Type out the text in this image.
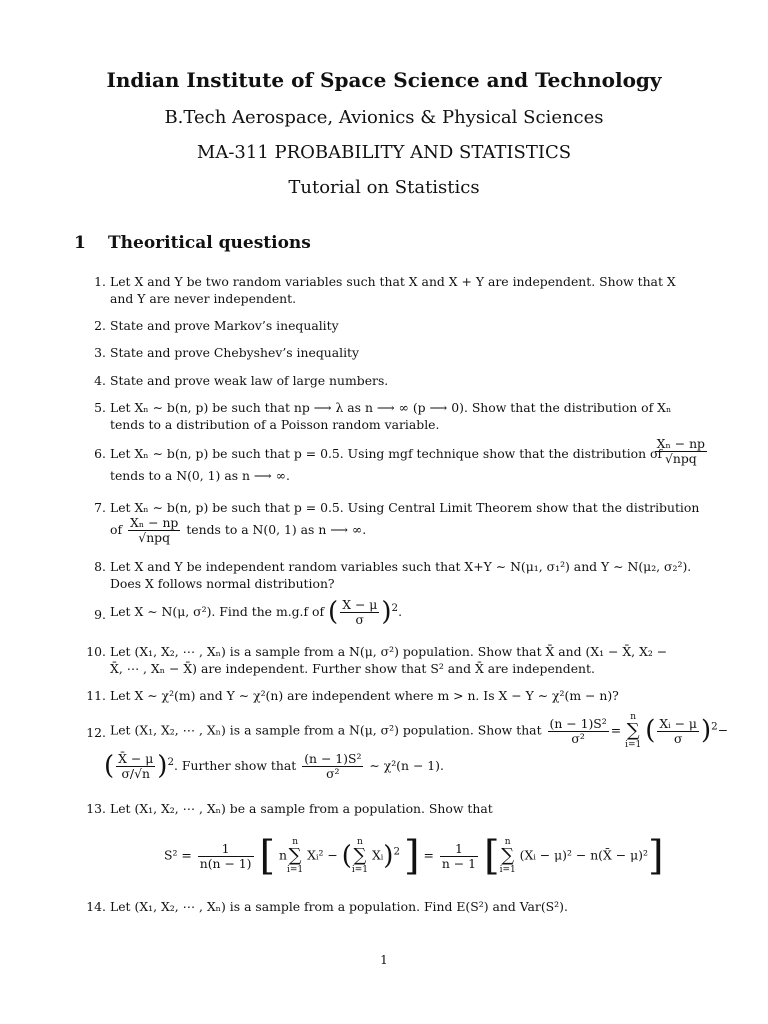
Indian Institute of Space Science and Technology
B.Tech Aerospace, Avionics & Physical Sciences
MA-311 PROBABILITY AND STATISTICS
Tutorial on Statistics
1 Theoritical questions
1. Let X and Y be two random variables such that X and X + Y are independent. Show that X
and Y are never independent.
2. State and prove Markov’s inequality
3. State and prove Chebyshev’s inequality
4. State and prove weak law of large numbers.
5. Let Xₙ ∼ b(n, p) be such that np ⟶ λ as n ⟶ ∞ (p ⟶ 0). Show that the distribution of Xₙ
tends to a distribution of a Poisson random variable.
6. Let Xₙ ∼ b(n, p) be such that p = 0.5. Using mgf technique show that the distribution of
Xₙ − np
√npq
tends to a N(0, 1) as n ⟶ ∞.
7. Let Xₙ ∼ b(n, p) be such that p = 0.5. Using Central Limit Theorem show that the distribution
of $\frac{\text{Xₙ − np}}{\text{√npq}}$ tends to a N(0, 1) as n ⟶ ∞.
8. Let X and Y be independent random variables such that X+Y ∼ N(μ₁, σ₁²) and Y ∼ N(μ₂, σ₂²).
Does X follows normal distribution?
9. Let X ∼ N(μ, σ²). Find the m.g.f of ( $\frac{X - \mu}{\sigma} )^2$.
10. Let (X₁, X₂, ⋯ , Xₙ) is a sample from a N(μ, σ²) population. Show that X̄ and (X₁ − X̄, X₂ −
X̄, ⋯ , Xₙ − X̄) are independent. Further show that S² and X̄ are independent.
11. Let X ∼ χ²(m) and Y ∼ χ²(n) are independent where m > n. Is X − Y ∼ χ²(m − n)?
12. Let (X₁, X₂, ⋯ , Xₙ) is a sample from a N(μ, σ²) population. Show that $\frac{\text{(n − 1)S²}}{\text{σ²}} = n$
∑
i=1 ( $\frac{\text{Xᵢ − μ}}{\sigma} )^2-$
( $\frac{X̄ - \mu}{\sigma/√n} )^2$. Further show that $\frac{\text{(n − 1)S²}}{\text{σ²}}$ ∼ χ²(n − 1).
13. Let (X₁, X₂, ⋯ , Xₙ) be a sample from a population. Show that
$S^2 = \frac{1}{n(n - 1)}$ [ nn
∑
i=1 Xᵢ² − ( n
∑
i=1 Xᵢ)$^2$ ] = $\frac{1}{n - 1}$ [ n
∑
i=1 (Xᵢ − μ)² − n(X̄ − μ)²]
14. Let (X₁, X₂, ⋯ , Xₙ) is a sample from a population. Find E(S²) and Var(S²).
1
